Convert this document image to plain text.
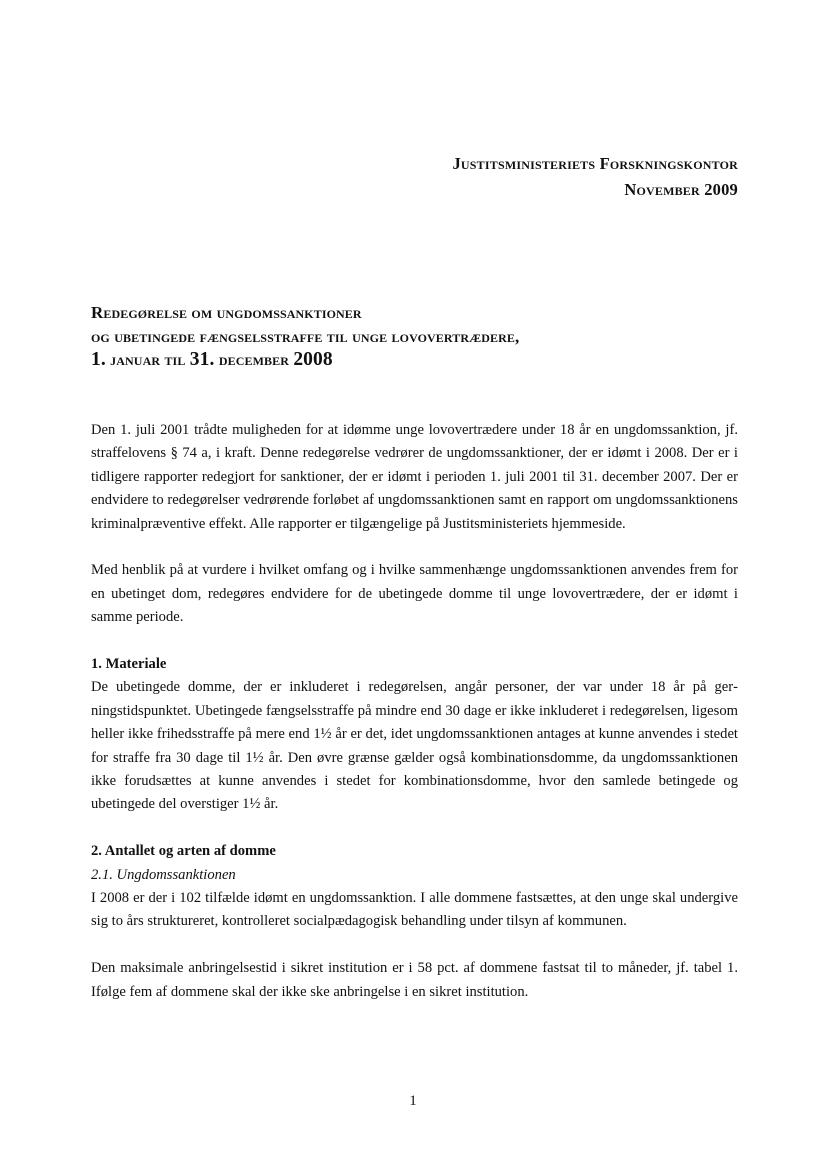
Justitsministeriets Forskningskontor
November 2009
Redegørelse om ungdomssanktioner
og ubetingede fængselsstraffe til unge lovovertrædere,
1. januar til 31. december 2008

Den 1. juli 2001 trådte muligheden for at idømme unge lovovertrædere under 18 år en ungdomssanktion, jf. straffelovens § 74 a, i kraft. Denne redegørelse vedrører de ungdomssanktioner, der er idømt i 2008. Der er i tidligere rapporter redegjort for sanktioner, der er idømt i perioden 1. juli 2001 til 31. december 2007. Der er endvidere to redegørelser vedrørende forløbet af ungdomssanktionen samt en rapport om ungdomssanktionens kriminalpræventive effekt. Alle rapporter er tilgængelige på Justitsministeriets hjemmeside.

Med henblik på at vurdere i hvilket omfang og i hvilke sammenhænge ungdomssanktionen anvendes frem for en ubetinget dom, redegøres endvidere for de ubetingede domme til unge lovovertrædere, der er idømt i samme periode.

1. Materiale

De ubetingede domme, der er inkluderet i redegørelsen, angår personer, der var under 18 år på gerningstidspunktet. Ubetingede fængselsstraffe på mindre end 30 dage er ikke inkluderet i redegørelsen, ligesom heller ikke frihedsstraffe på mere end 1½ år er det, idet ungdomssanktionen antages at kunne anvendes i stedet for straffe fra 30 dage til 1½ år. Den øvre grænse gælder også kombinationsdomme, da ungdomssanktionen ikke forudsættes at kunne anvendes i stedet for kombinationsdomme, hvor den samlede betingede og ubetingede del overstiger 1½ år.

2. Antallet og arten af domme

2.1. Ungdomssanktionen

I 2008 er der i 102 tilfælde idømt en ungdomssanktion. I alle dommene fastsættes, at den unge skal undergive sig to års struktureret, kontrolleret socialpædagogisk behandling under tilsyn af kommunen.

Den maksimale anbringelsestid i sikret institution er i 58 pct. af dommene fastsat til to måneder, jf. tabel 1. Ifølge fem af dommene skal der ikke ske anbringelse i en sikret institution.

1
